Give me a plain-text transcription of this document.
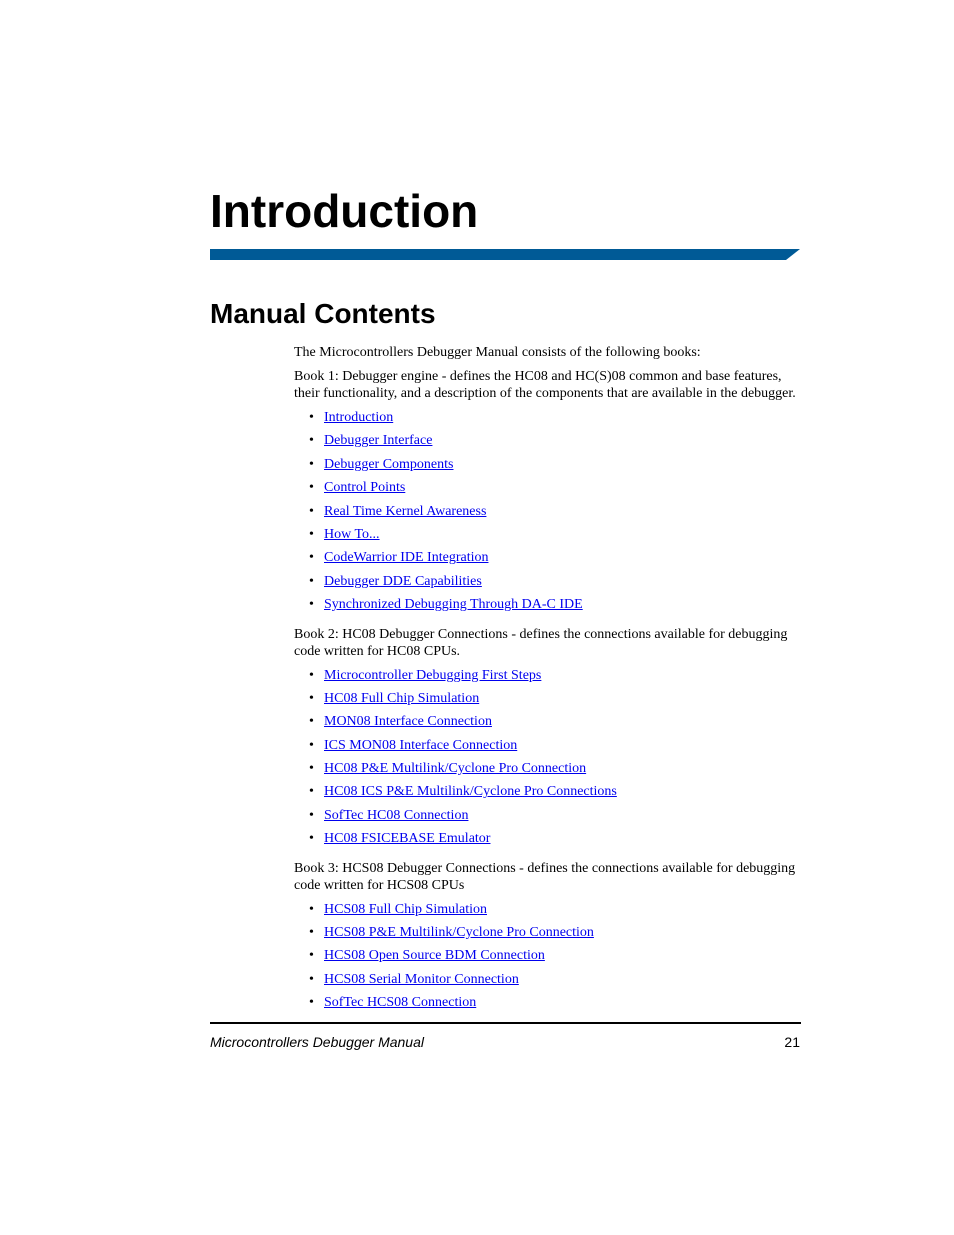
Introduction
Manual Contents

The Microcontrollers Debugger Manual consists of the following books:

Book 1: Debugger engine - defines the HC08 and HC(S)08 common and base features, their functionality, and a description of the components that are available in the debugger.

• Introduction
• Debugger Interface
• Debugger Components
• Control Points
• Real Time Kernel Awareness
• How To...
• CodeWarrior IDE Integration
• Debugger DDE Capabilities
• Synchronized Debugging Through DA-C IDE

Book 2: HC08 Debugger Connections - defines the connections available for debugging code written for HC08 CPUs.

• Microcontroller Debugging First Steps
• HC08 Full Chip Simulation
• MON08 Interface Connection
• ICS MON08 Interface Connection
• HC08 P&E Multilink/Cyclone Pro Connection
• HC08 ICS P&E Multilink/Cyclone Pro Connections
• SofTec HC08 Connection
• HC08 FSICEBASE Emulator

Book 3: HCS08 Debugger Connections - defines the connections available for debugging code written for HCS08 CPUs

• HCS08 Full Chip Simulation
• HCS08 P&E Multilink/Cyclone Pro Connection
• HCS08 Open Source BDM Connection
• HCS08 Serial Monitor Connection
• SofTec HCS08 Connection
Microcontrollers Debugger Manual	21
